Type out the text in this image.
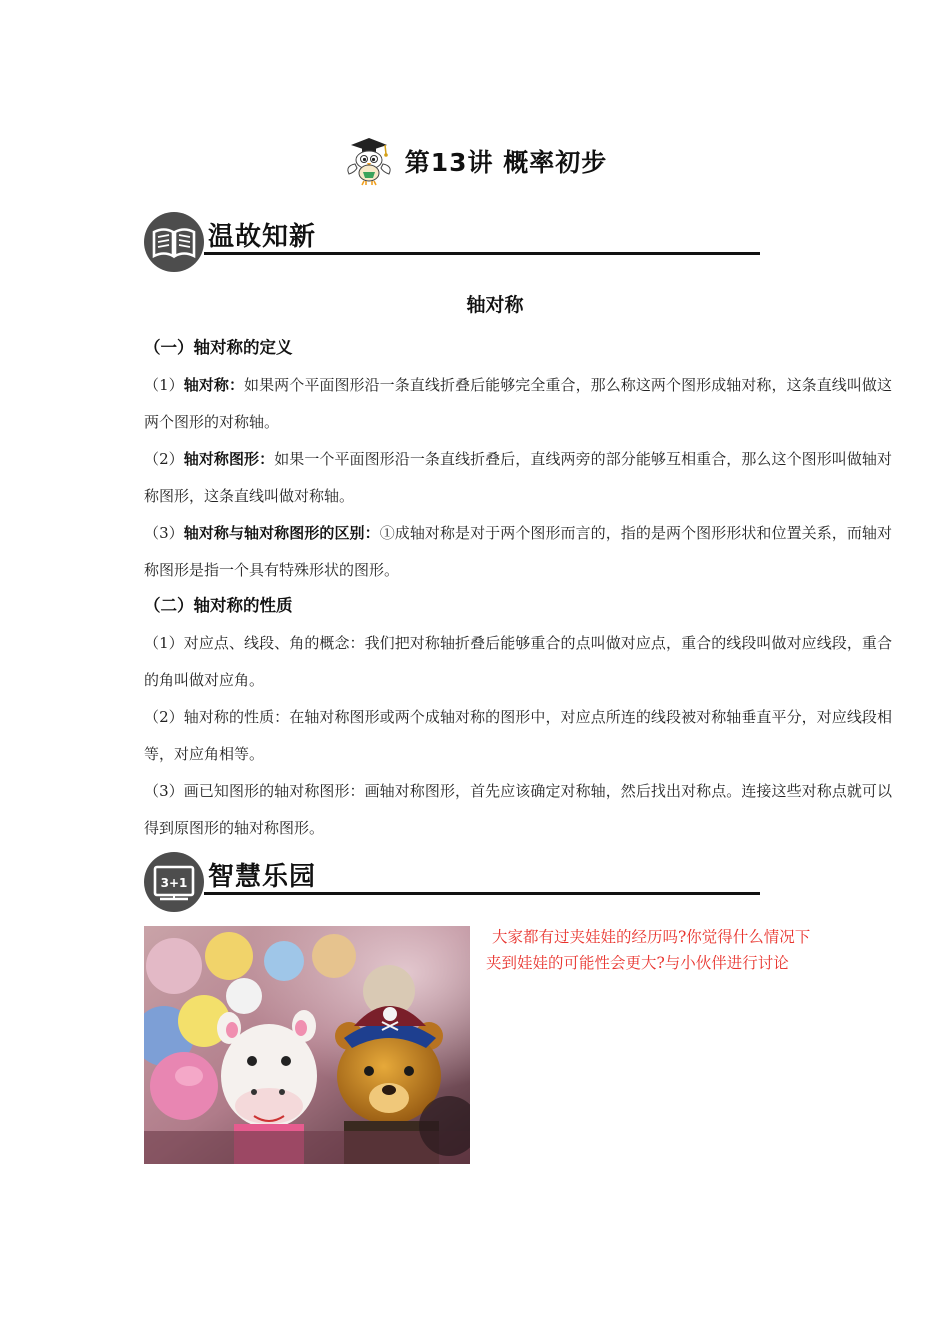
第13讲 概率初步
温故知新
轴对称
（一）轴对称的定义

（1）轴对称：如果两个平面图形沿一条直线折叠后能够完全重合，那么称这两个图形成轴对称，这条直线叫做这两个图形的对称轴。

（2）轴对称图形：如果一个平面图形沿一条直线折叠后，直线两旁的部分能够互相重合，那么这个图形叫做轴对称图形，这条直线叫做对称轴。

（3）轴对称与轴对称图形的区别：①成轴对称是对于两个图形而言的，指的是两个图形形状和位置关系，而轴对称图形是指一个具有特殊形状的图形。

（二）轴对称的性质

（1）对应点、线段、角的概念：我们把对称轴折叠后能够重合的点叫做对应点，重合的线段叫做对应线段，重合的角叫做对应角。

（2）轴对称的性质：在轴对称图形或两个成轴对称的图形中，对应点所连的线段被对称轴垂直平分，对应线段相等，对应角相等。

（3）画已知图形的轴对称图形：画轴对称图形，首先应该确定对称轴，然后找出对称点。连接这些对称点就可以得到原图形的轴对称图形。

3+1 智慧乐园
大家都有过夹娃娃的经历吗?你觉得什么情况下
夹到娃娃的可能性会更大?与小伙伴进行讨论
